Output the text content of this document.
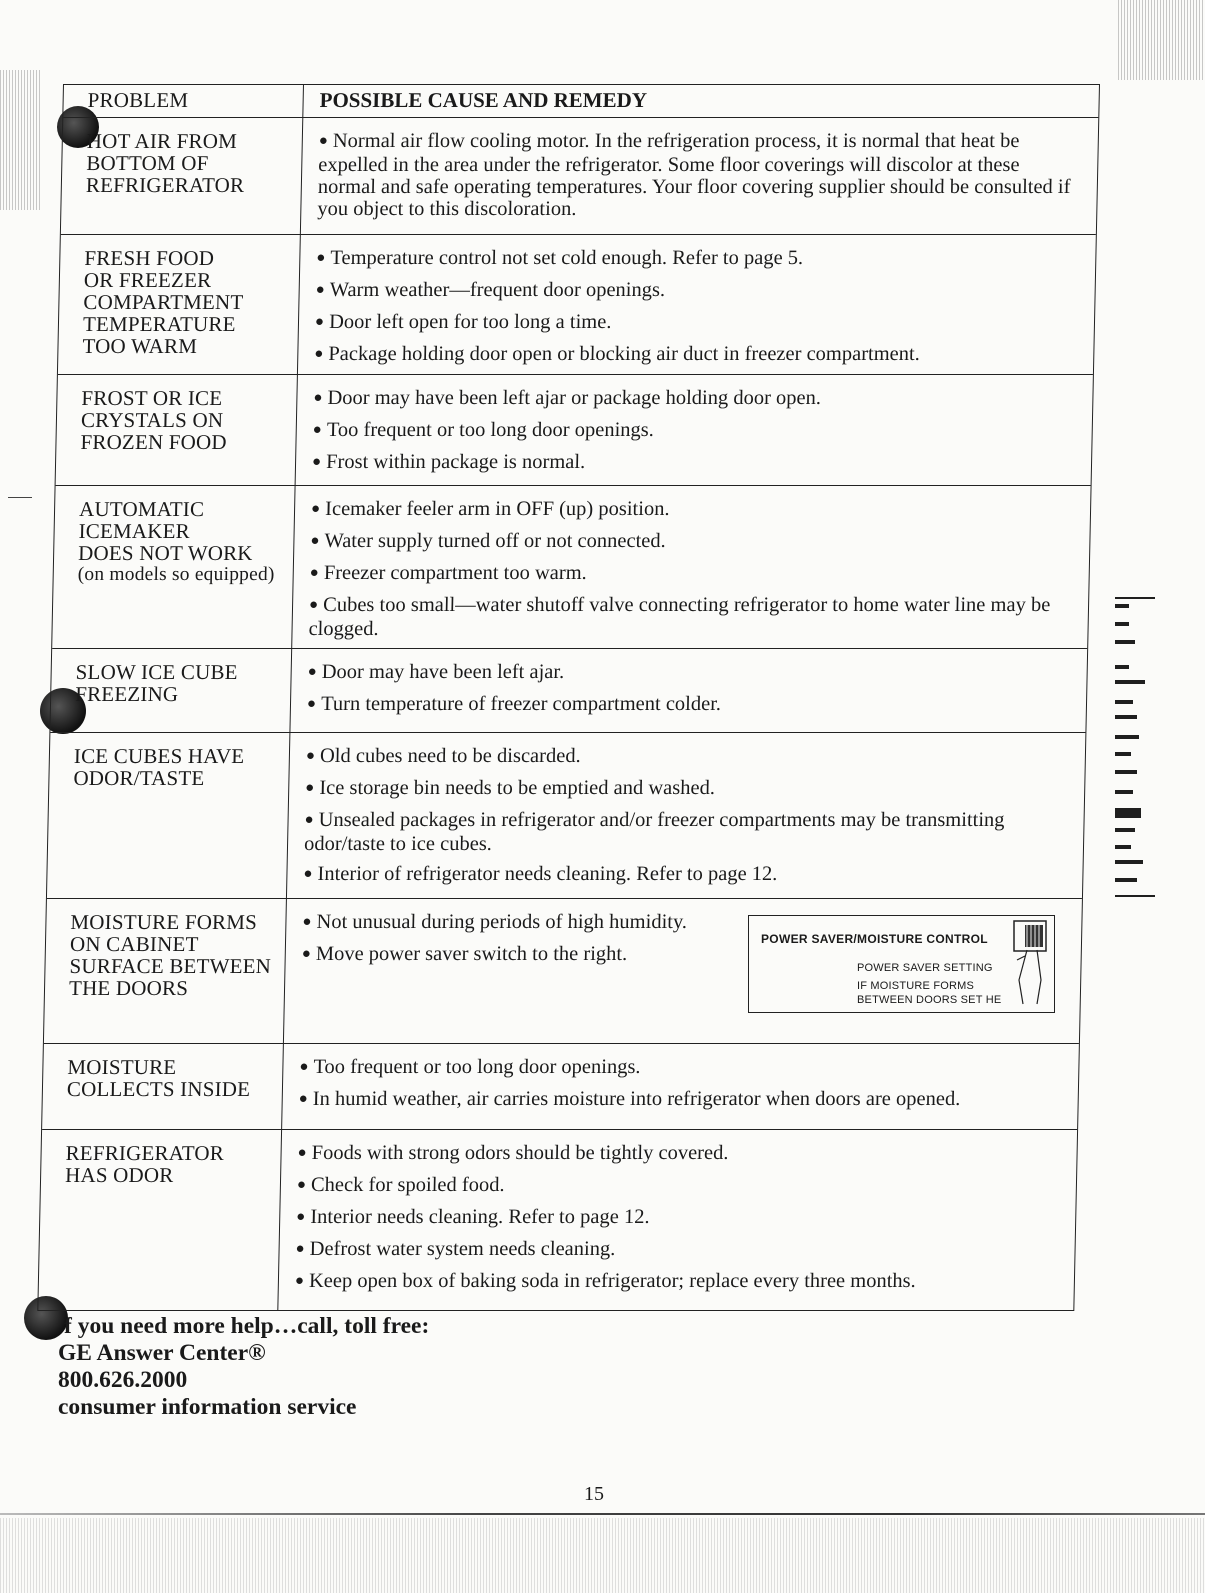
PROBLEM	POSSIBLE CAUSE AND REMEDY
HOT AIR FROM
BOTTOM OF
REFRIGERATOR
● Normal air flow cooling motor. In the refrigeration process, it is normal that heat be expelled in the area under the refrigerator. Some floor coverings will discolor at these normal and safe operating temperatures. Your floor covering supplier should be consulted if you object to this discoloration.
FRESH FOOD
OR FREEZER
COMPARTMENT
TEMPERATURE
TOO WARM
● Temperature control not set cold enough. Refer to page 5.
● Warm weather—frequent door openings.
● Door left open for too long a time.
● Package holding door open or blocking air duct in freezer compartment.
FROST OR ICE
CRYSTALS ON
FROZEN FOOD
● Door may have been left ajar or package holding door open.
● Too frequent or too long door openings.
● Frost within package is normal.
AUTOMATIC
ICEMAKER
DOES NOT WORK
(on models so equipped)
● Icemaker feeler arm in OFF (up) position.
● Water supply turned off or not connected.
● Freezer compartment too warm.
● Cubes too small—water shutoff valve connecting refrigerator to home water line may be clogged.
SLOW ICE CUBE
FREEZING
● Door may have been left ajar.
● Turn temperature of freezer compartment colder.
ICE CUBES HAVE
ODOR/TASTE
● Old cubes need to be discarded.
● Ice storage bin needs to be emptied and washed.
● Unsealed packages in refrigerator and/or freezer compartments may be transmitting odor/taste to ice cubes.
● Interior of refrigerator needs cleaning. Refer to page 12.
MOISTURE FORMS
ON CABINET
SURFACE BETWEEN
THE DOORS
● Not unusual during periods of high humidity.
● Move power saver switch to the right.
MOISTURE
COLLECTS INSIDE
● Too frequent or too long door openings.
● In humid weather, air carries moisture into refrigerator when doors are opened.
REFRIGERATOR
HAS ODOR
● Foods with strong odors should be tightly covered.
● Check for spoiled food.
● Interior needs cleaning. Refer to page 12.
● Defrost water system needs cleaning.
● Keep open box of baking soda in refrigerator; replace every three months.
POWER SAVER/MOISTURE CONTROL
POWER SAVER SETTING
IF MOISTURE FORMS
BETWEEN DOORS SET HE
f you need more help…call, toll free:
GE Answer Center®
800.626.2000
consumer information service
15
